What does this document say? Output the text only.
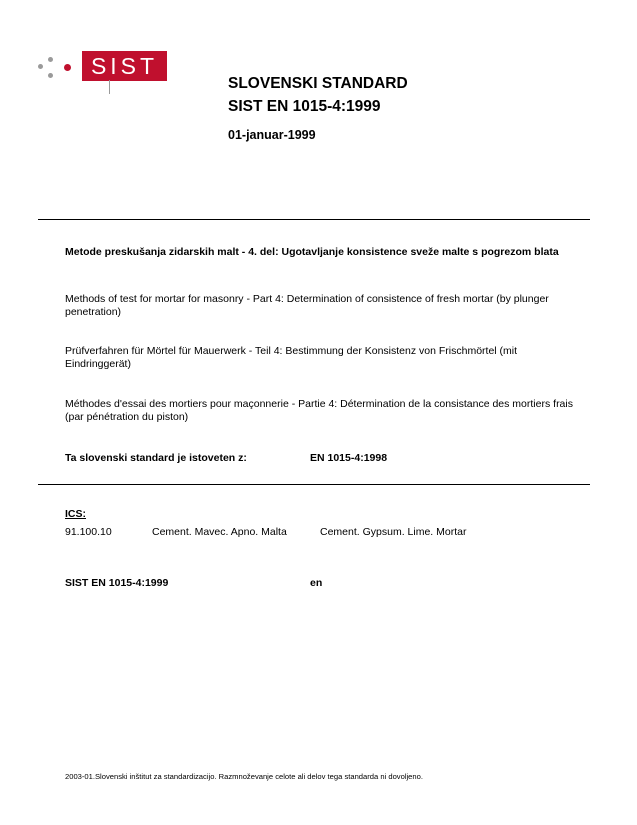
SIST
SLOVENSKI STANDARD
SIST EN 1015-4:1999
01-januar-1999
Metode preskušanja zidarskih malt - 4. del: Ugotavljanje konsistence sveže malte s pogrezom blata
Methods of test for mortar for masonry - Part 4: Determination of consistence of fresh mortar (by plunger penetration)
Prüfverfahren für Mörtel für Mauerwerk - Teil 4: Bestimmung der Konsistenz von Frischmörtel (mit Eindringgerät)
Méthodes d'essai des mortiers pour maçonnerie - Partie 4: Détermination de la consistance des mortiers frais (par pénétration du piston)
Ta slovenski standard je istoveten z:	EN 1015-4:1998
ICS:
91.100.10	Cement. Mavec. Apno. Malta	Cement. Gypsum. Lime. Mortar
SIST EN 1015-4:1999	en
2003-01.Slovenski inštitut za standardizacijo. Razmnoževanje celote ali delov tega standarda ni dovoljeno.
